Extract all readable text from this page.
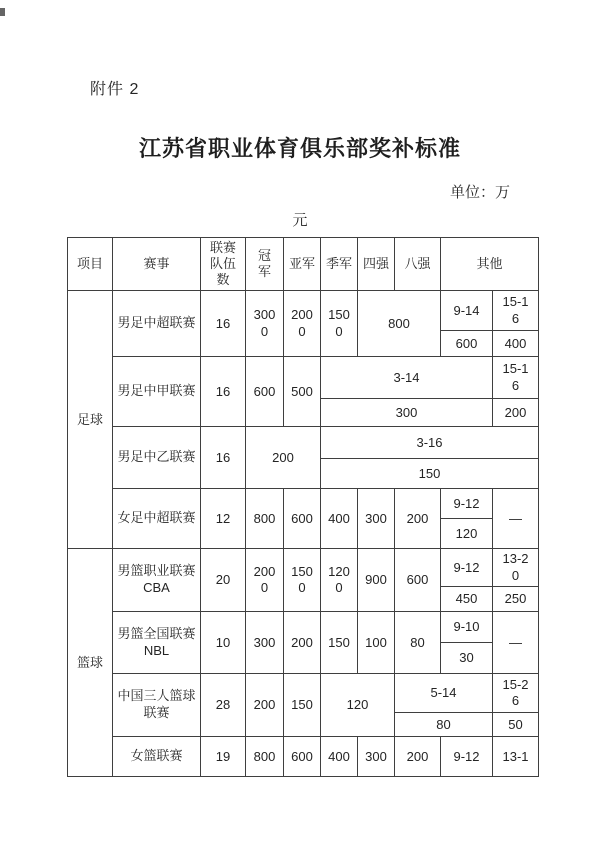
附件 2
江苏省职业体育俱乐部奖补标准
单位：万
元
项目	赛事	联赛队伍数	冠军	亚军	季军	四强	八强	其他	
足球	男足中超联赛	16	3000	2000	1500	800		9-14	15-16
								600	400
	男足中甲联赛	16	600	500	3-14				15-16
					300				200
	男足中乙联赛	16	200		3-16				
					150				
	女足中超联赛	12	800	600	400	300	200	9-12	—
								120	
篮球	男篮职业联赛CBA	20	2000	1500	1200	900	600	9-12	13-20
								450	250
	男篮全国联赛NBL	10	300	200	150	100	80	9-10	—
								30	
	中国三人篮球联赛	28	200	150	120		5-14		15-26
							80		50
	女篮联赛	19	800	600	400	300	200	9-12	13-1
